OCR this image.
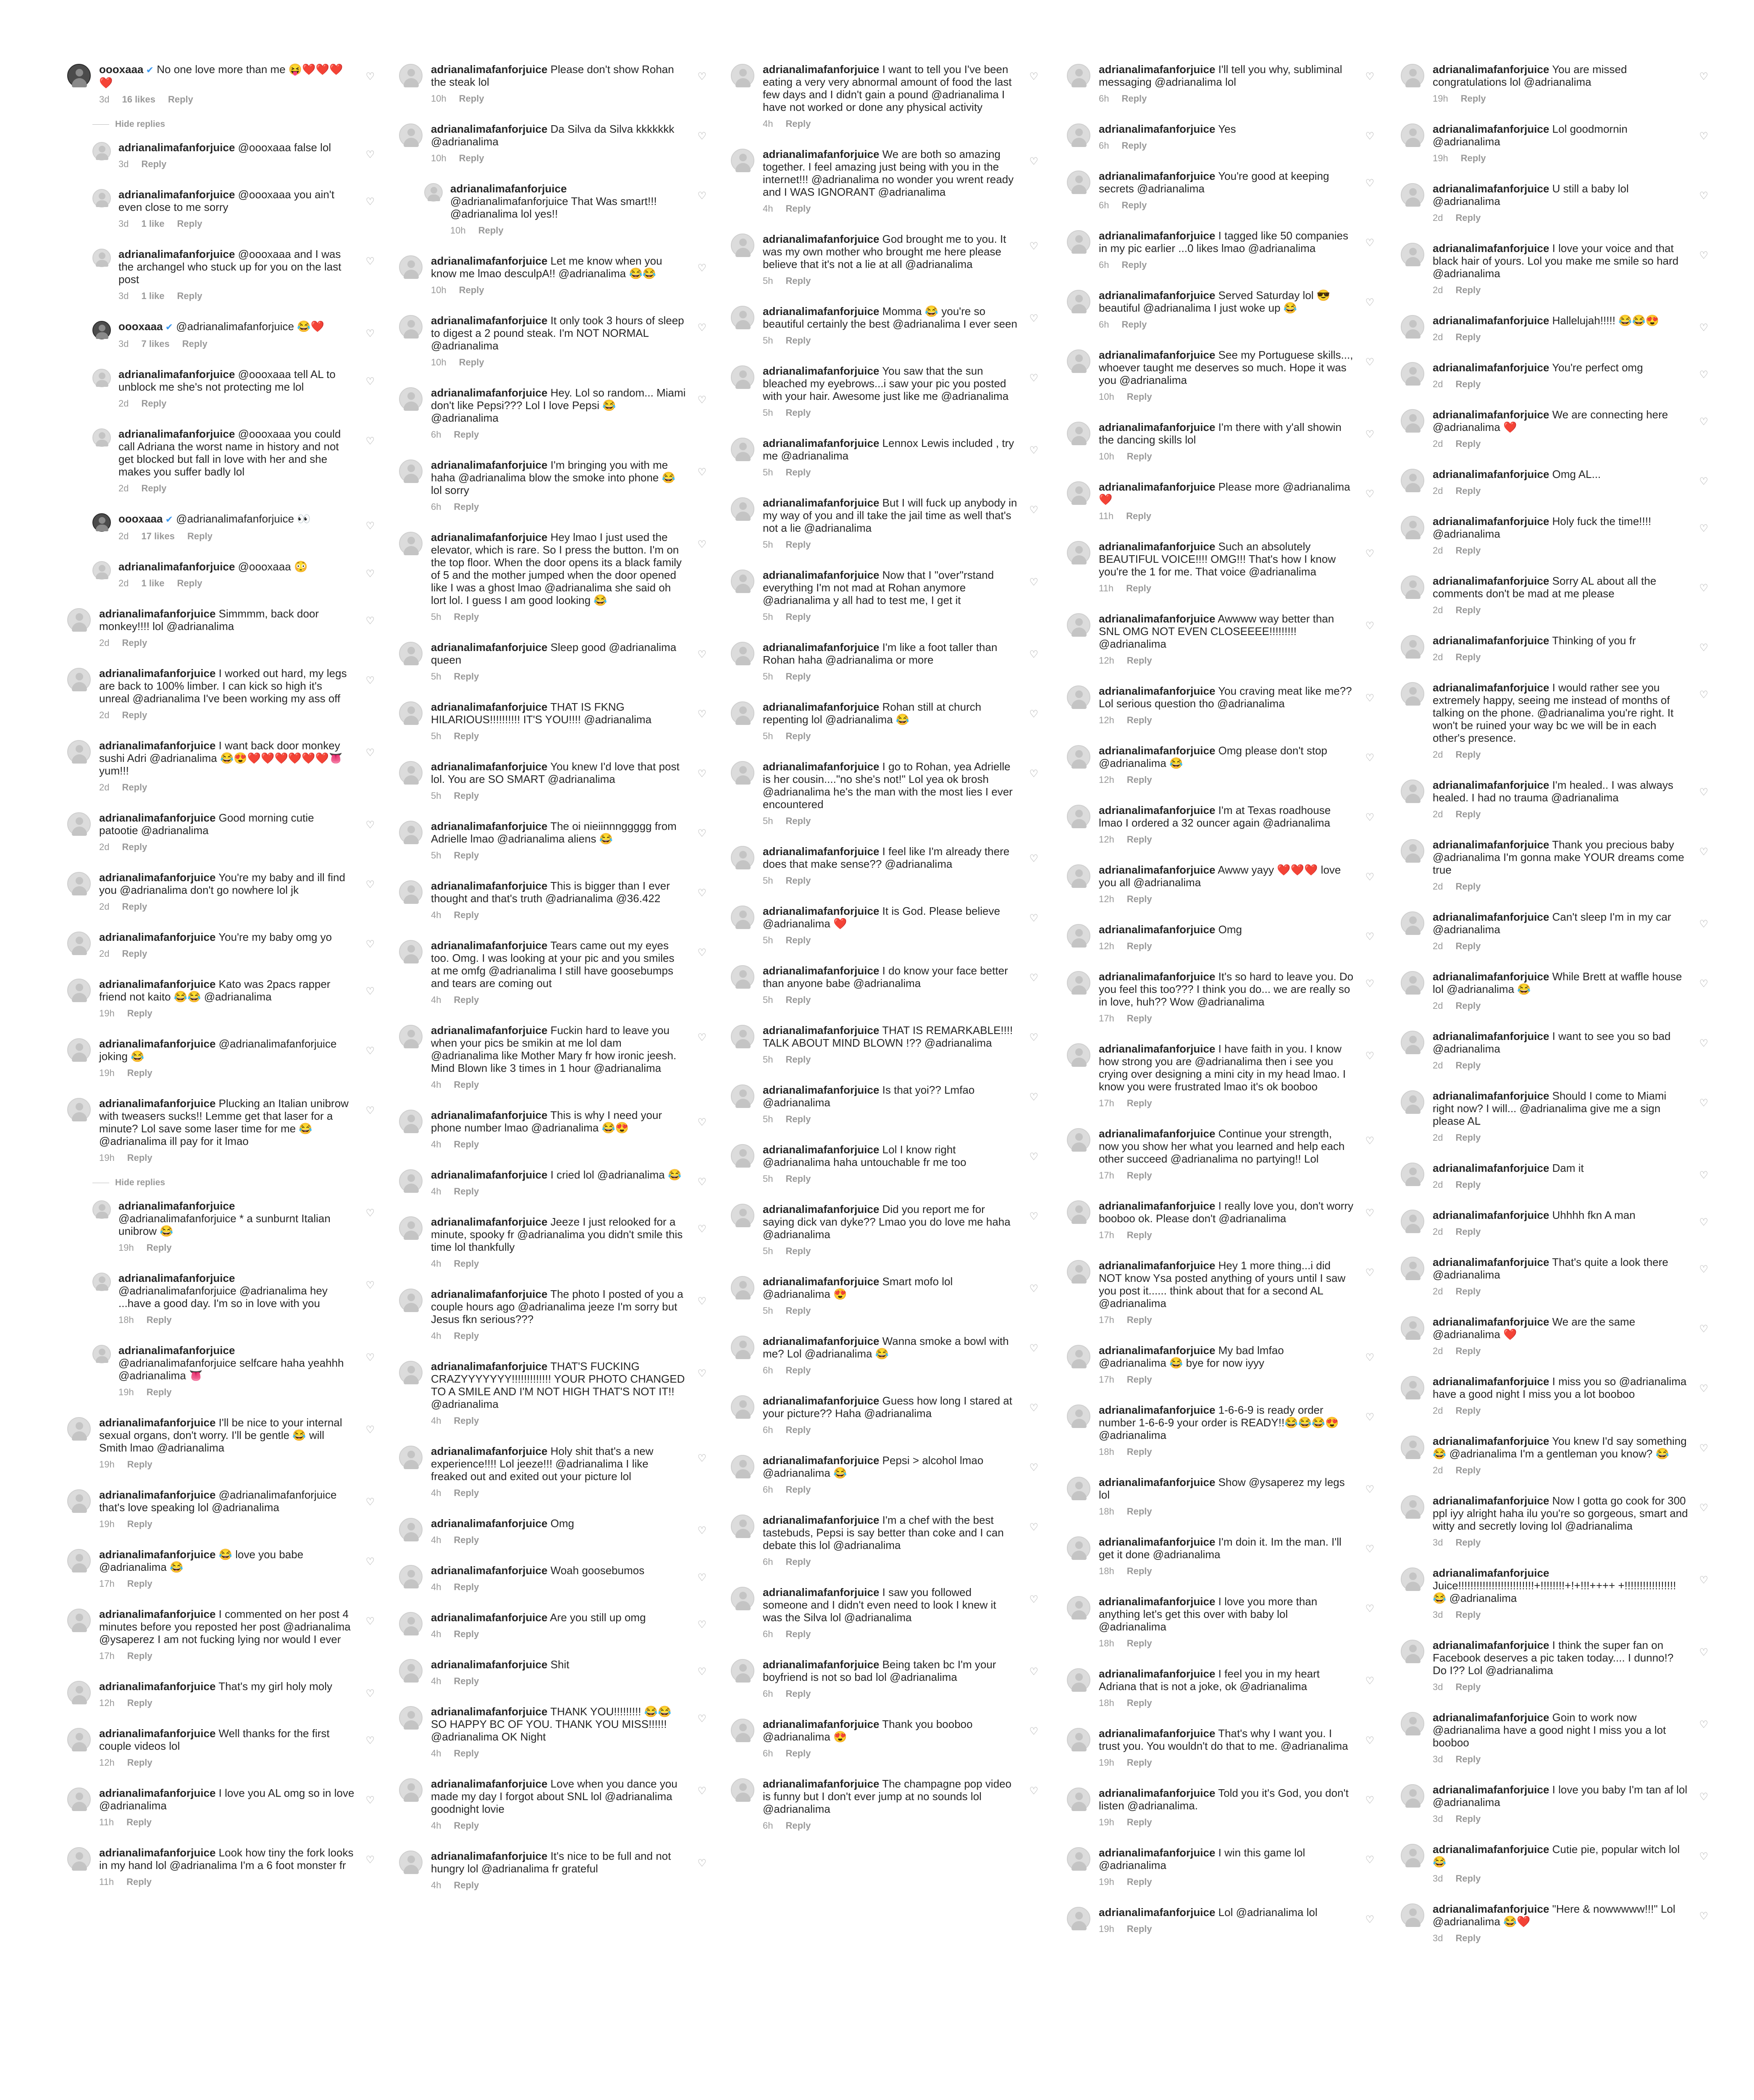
oooxaaa ✔ No one love more than me 😝❤️❤️❤️❤️
3d 16 likes Reply
♡
Hide replies
adrianalimafanforjuice @oooxaaa false lol
3d Reply
♡
adrianalimafanforjuice @oooxaaa you ain't even close to me sorry
3d 1 like Reply
♡
adrianalimafanforjuice @oooxaaa and I was the archangel who stuck up for you on the last post
3d 1 like Reply
♡
oooxaaa ✔ @adrianalimafanforjuice 😂❤️
3d 7 likes Reply
♡
adrianalimafanforjuice @oooxaaa tell AL to unblock me she's not protecting me lol
2d Reply
♡
adrianalimafanforjuice @oooxaaa you could call Adriana the worst name in history and not get blocked but fall in love with her and she makes you suffer badly lol
2d Reply
♡
oooxaaa ✔ @adrianalimafanforjuice 👀
2d 17 likes Reply
♡
adrianalimafanforjuice @oooxaaa 😳
2d 1 like Reply
♡
adrianalimafanforjuice Simmmm, back door monkey!!!! lol @adrianalima
2d Reply
♡
adrianalimafanforjuice I worked out hard, my legs are back to 100% limber. I can kick so high it's unreal @adrianalima I've been working my ass off
2d Reply
♡
adrianalimafanforjuice I want back door monkey sushi Adri @adrianalima 😂😍❤️❤️❤️❤️❤️❤️👅 yum!!!
2d Reply
♡
adrianalimafanforjuice Good morning cutie patootie @adrianalima
2d Reply
♡
adrianalimafanforjuice You're my baby and ill find you @adrianalima don't go nowhere lol jk
2d Reply
♡
adrianalimafanforjuice You're my baby omg yo
2d Reply
♡
adrianalimafanforjuice Kato was 2pacs rapper friend not kaito 😂😂 @adrianalima
19h Reply
♡
adrianalimafanforjuice @adrianalimafanforjuice joking 😂
19h Reply
♡
adrianalimafanforjuice Plucking an Italian unibrow with tweasers sucks!! Lemme get that laser for a minute? Lol save some laser time for me 😂 @adrianalima ill pay for it lmao
19h Reply
♡
Hide replies
adrianalimafanforjuice @adrianalimafanforjuice * a sunburnt Italian unibrow 😂
19h Reply
♡
adrianalimafanforjuice @adrianalimafanforjuice @adrianalima hey ...have a good day. I'm so in love with you
18h Reply
♡
adrianalimafanforjuice @adrianalimafanforjuice selfcare haha yeahhh @adrianalima 👅
19h Reply
♡
adrianalimafanforjuice I'll be nice to your internal sexual organs, don't worry. I'll be gentle 😂 will Smith lmao @adrianalima
19h Reply
♡
adrianalimafanforjuice @adrianalimafanforjuice that's love speaking lol @adrianalima
19h Reply
♡
adrianalimafanforjuice 😂 love you babe @adrianalima 😂
17h Reply
♡
adrianalimafanforjuice I commented on her post 4 minutes before you reposted her post @adrianalima @ysaperez I am not fucking lying nor would I ever
17h Reply
♡
adrianalimafanforjuice That's my girl holy moly
12h Reply
♡
adrianalimafanforjuice Well thanks for the first couple videos lol
12h Reply
♡
adrianalimafanforjuice I love you AL omg so in love @adrianalima
11h Reply
♡
adrianalimafanforjuice Look how tiny the fork looks in my hand lol @adrianalima I'm a 6 foot monster fr
11h Reply
♡
adrianalimafanforjuice Please don't show Rohan the steak lol
10h Reply
♡
adrianalimafanforjuice Da Silva da Silva kkkkkkk @adrianalima
10h Reply
♡
adrianalimafanforjuice @adrianalimafanforjuice That Was smart!!! @adrianalima lol yes!!
10h Reply
♡
adrianalimafanforjuice Let me know when you know me lmao desculpA!! @adrianalima 😂😂
10h Reply
♡
adrianalimafanforjuice It only took 3 hours of sleep to digest a 2 pound steak. I'm NOT NORMAL @adrianalima
10h Reply
♡
adrianalimafanforjuice Hey. Lol so random... Miami don't like Pepsi??? Lol I love Pepsi 😂 @adrianalima
6h Reply
♡
adrianalimafanforjuice I'm bringing you with me haha @adrianalima blow the smoke into phone 😂 lol sorry
6h Reply
♡
adrianalimafanforjuice Hey lmao I just used the elevator, which is rare. So I press the button. I'm on the top floor. When the door opens its a black family of 5 and the mother jumped when the door opened like I was a ghost lmao @adrianalima she said oh lort lol. I guess I am good looking 😂
5h Reply
♡
adrianalimafanforjuice Sleep good @adrianalima queen
5h Reply
♡
adrianalimafanforjuice THAT IS FKNG HILARIOUS!!!!!!!!!! IT'S YOU!!!! @adrianalima
5h Reply
♡
adrianalimafanforjuice You knew I'd love that post lol. You are SO SMART @adrianalima
5h Reply
♡
adrianalimafanforjuice The oi nieiinnnggggg from Adrielle lmao @adrianalima aliens 😂
5h Reply
♡
adrianalimafanforjuice This is bigger than I ever thought and that's truth @adrianalima @36.422
4h Reply
♡
adrianalimafanforjuice Tears came out my eyes too. Omg. I was looking at your pic and you smiles at me omfg @adrianalima I still have goosebumps and tears are coming out
4h Reply
♡
adrianalimafanforjuice Fuckin hard to leave you when your pics be smikin at me lol dam @adrianalima like Mother Mary fr how ironic jeesh. Mind Blown like 3 times in 1 hour @adrianalima
4h Reply
♡
adrianalimafanforjuice This is why I need your phone number lmao @adrianalima 😂😍
4h Reply
♡
adrianalimafanforjuice I cried lol @adrianalima 😂
4h Reply
♡
adrianalimafanforjuice Jeeze I just relooked for a minute, spooky fr @adrianalima you didn't smile this time lol thankfully
4h Reply
♡
adrianalimafanforjuice The photo I posted of you a couple hours ago @adrianalima jeeze I'm sorry but Jesus fkn serious???
4h Reply
♡
adrianalimafanforjuice THAT'S FUCKING CRAZYYYYYYY!!!!!!!!!!!!! YOUR PHOTO CHANGED TO A SMILE AND I'M NOT HIGH THAT'S NOT IT!! @adrianalima
4h Reply
♡
adrianalimafanforjuice Holy shit that's a new experience!!!! Lol jeeze!!! @adrianalima I like freaked out and exited out your picture lol
4h Reply
♡
adrianalimafanforjuice Omg
4h Reply
♡
adrianalimafanforjuice Woah goosebumos
4h Reply
♡
adrianalimafanforjuice Are you still up omg
4h Reply
♡
adrianalimafanforjuice Shit
4h Reply
♡
adrianalimafanforjuice THANK YOU!!!!!!!!! 😂😂 SO HAPPY BC OF YOU. THANK YOU MISS!!!!!! @adrianalima OK Night
4h Reply
♡
adrianalimafanforjuice Love when you dance you made my day I forgot about SNL lol @adrianalima goodnight lovie
4h Reply
♡
adrianalimafanforjuice It's nice to be full and not hungry lol @adrianalima fr grateful
4h Reply
♡
adrianalimafanforjuice I want to tell you I've been eating a very very abnormal amount of food the last few days and I didn't gain a pound @adrianalima I have not worked or done any physical activity
4h Reply
♡
adrianalimafanforjuice We are both so amazing together. I feel amazing just being with you in the internet!!! @adrianalima no wonder you wrent ready and I WAS IGNORANT @adrianalima
4h Reply
♡
adrianalimafanforjuice God brought me to you. It was my own mother who brought me here please believe that it's not a lie at all @adrianalima
5h Reply
♡
adrianalimafanforjuice Momma 😂 you're so beautiful certainly the best @adrianalima I ever seen
5h Reply
♡
adrianalimafanforjuice You saw that the sun bleached my eyebrows...i saw your pic you posted with your hair. Awesome just like me @adrianalima
5h Reply
♡
adrianalimafanforjuice Lennox Lewis included , try me @adrianalima
5h Reply
♡
adrianalimafanforjuice But I will fuck up anybody in my way of you and ill take the jail time as well that's not a lie @adrianalima
5h Reply
♡
adrianalimafanforjuice Now that I "over"rstand everything I'm not mad at Rohan anymore @adrianalima y all had to test me, I get it
5h Reply
♡
adrianalimafanforjuice I'm like a foot taller than Rohan haha @adrianalima or more
5h Reply
♡
adrianalimafanforjuice Rohan still at church repenting lol @adrianalima 😂
5h Reply
♡
adrianalimafanforjuice I go to Rohan, yea Adrielle is her cousin...."no she's not!" Lol yea ok brosh @adrianalima he's the man with the most lies I ever encountered
5h Reply
♡
adrianalimafanforjuice I feel like I'm already there does that make sense?? @adrianalima
5h Reply
♡
adrianalimafanforjuice It is God. Please believe @adrianalima ❤️
5h Reply
♡
adrianalimafanforjuice I do know your face better than anyone babe @adrianalima
5h Reply
♡
adrianalimafanforjuice THAT IS REMARKABLE!!!! TALK ABOUT MIND BLOWN !?? @adrianalima
5h Reply
♡
adrianalimafanforjuice Is that yoi?? Lmfao @adrianalima
5h Reply
♡
adrianalimafanforjuice Lol I know right @adrianalima haha untouchable fr me too
5h Reply
♡
adrianalimafanforjuice Did you report me for saying dick van dyke?? Lmao you do love me haha @adrianalima
5h Reply
♡
adrianalimafanforjuice Smart mofo lol @adrianalima 😍
5h Reply
♡
adrianalimafanforjuice Wanna smoke a bowl with me? Lol @adrianalima 😂
6h Reply
♡
adrianalimafanforjuice Guess how long I stared at your picture?? Haha @adrianalima
6h Reply
♡
adrianalimafanforjuice Pepsi > alcohol lmao @adrianalima 😂
6h Reply
♡
adrianalimafanforjuice I'm a chef with the best tastebuds, Pepsi is say better than coke and I can debate this lol @adrianalima
6h Reply
♡
adrianalimafanforjuice I saw you followed someone and I didn't even need to look I knew it was the Silva lol @adrianalima
6h Reply
♡
adrianalimafanforjuice Being taken bc I'm your boyfriend is not so bad lol @adrianalima
6h Reply
♡
adrianalimafanforjuice Thank you booboo @adrianalima 😍
6h Reply
♡
adrianalimafanforjuice The champagne pop video is funny but I don't ever jump at no sounds lol @adrianalima
6h Reply
♡
adrianalimafanforjuice I'll tell you why, subliminal messaging @adrianalima lol
6h Reply
♡
adrianalimafanforjuice Yes
6h Reply
♡
adrianalimafanforjuice You're good at keeping secrets @adrianalima
6h Reply
♡
adrianalimafanforjuice I tagged like 50 companies in my pic earlier ...0 likes lmao @adrianalima
6h Reply
♡
adrianalimafanforjuice Served Saturday lol 😎 beautiful @adrianalima I just woke up 😂
6h Reply
♡
adrianalimafanforjuice See my Portuguese skills..., whoever taught me deserves so much. Hope it was you @adrianalima
10h Reply
♡
adrianalimafanforjuice I'm there with y'all showin the dancing skills lol
10h Reply
♡
adrianalimafanforjuice Please more @adrianalima ❤️
11h Reply
♡
adrianalimafanforjuice Such an absolutely BEAUTIFUL VOICE!!!! OMG!!! That's how I know you're the 1 for me. That voice @adrianalima
11h Reply
♡
adrianalimafanforjuice Awwww way better than SNL OMG NOT EVEN CLOSEEEE!!!!!!!!! @adrianalima
12h Reply
♡
adrianalimafanforjuice You craving meat like me?? Lol serious question tho @adrianalima
12h Reply
♡
adrianalimafanforjuice Omg please don't stop @adrianalima 😂
12h Reply
♡
adrianalimafanforjuice I'm at Texas roadhouse lmao I ordered a 32 ouncer again @adrianalima
12h Reply
♡
adrianalimafanforjuice Awww yayy ❤️❤️❤️ love you all @adrianalima
12h Reply
♡
adrianalimafanforjuice Omg
12h Reply
♡
adrianalimafanforjuice It's so hard to leave you. Do you feel this too??? I think you do... we are really so in love, huh?? Wow @adrianalima
17h Reply
♡
adrianalimafanforjuice I have faith in you. I know how strong you are @adrianalima then i see you crying over designing a mini city in my head lmao. I know you were frustrated lmao it's ok booboo
17h Reply
♡
adrianalimafanforjuice Continue your strength, now you show her what you learned and help each other succeed @adrianalima no partying!! Lol
17h Reply
♡
adrianalimafanforjuice I really love you, don't worry booboo ok. Please don't @adrianalima
17h Reply
♡
adrianalimafanforjuice Hey 1 more thing...i did NOT know Ysa posted anything of yours until I saw you post it...... think about that for a second AL @adrianalima
17h Reply
♡
adrianalimafanforjuice My bad lmfao @adrianalima 😂 bye for now iyyy
17h Reply
♡
adrianalimafanforjuice 1-6-6-9 is ready order number 1-6-6-9 your order is READY!!😂😂😂😍 @adrianalima
18h Reply
♡
adrianalimafanforjuice Show @ysaperez my legs lol
18h Reply
♡
adrianalimafanforjuice I'm doin it. Im the man. I'll get it done @adrianalima
18h Reply
♡
adrianalimafanforjuice I love you more than anything let's get this over with baby lol @adrianalima
18h Reply
♡
adrianalimafanforjuice I feel you in my heart Adriana that is not a joke, ok @adrianalima
18h Reply
♡
adrianalimafanforjuice That's why I want you. I trust you. You wouldn't do that to me. @adrianalima
19h Reply
♡
adrianalimafanforjuice Told you it's God, you don't listen @adrianalima.
19h Reply
♡
adrianalimafanforjuice I win this game lol @adrianalima
19h Reply
♡
adrianalimafanforjuice Lol @adrianalima lol
19h Reply
♡
adrianalimafanforjuice You are missed congratulations lol @adrianalima
19h Reply
♡
adrianalimafanforjuice Lol goodmornin @adrianalima
19h Reply
♡
adrianalimafanforjuice U still a baby lol @adrianalima
2d Reply
♡
adrianalimafanforjuice I love your voice and that black hair of yours. Lol you make me smile so hard @adrianalima
2d Reply
♡
adrianalimafanforjuice Hallelujah!!!!! 😂😂😍
2d Reply
♡
adrianalimafanforjuice You're perfect omg
2d Reply
♡
adrianalimafanforjuice We are connecting here @adrianalima ❤️
2d Reply
♡
adrianalimafanforjuice Omg AL...
2d Reply
♡
adrianalimafanforjuice Holy fuck the time!!!! @adrianalima
2d Reply
♡
adrianalimafanforjuice Sorry AL about all the comments don't be mad at me please
2d Reply
♡
adrianalimafanforjuice Thinking of you fr
2d Reply
♡
adrianalimafanforjuice I would rather see you extremely happy, seeing me instead of months of talking on the phone. @adrianalima you're right. It won't be ruined your way bc we will be in each other's presence.
2d Reply
♡
adrianalimafanforjuice I'm healed.. I was always healed. I had no trauma @adrianalima
2d Reply
♡
adrianalimafanforjuice Thank you precious baby @adrianalima I'm gonna make YOUR dreams come true
2d Reply
♡
adrianalimafanforjuice Can't sleep I'm in my car @adrianalima
2d Reply
♡
adrianalimafanforjuice While Brett at waffle house lol @adrianalima 😂
2d Reply
♡
adrianalimafanforjuice I want to see you so bad @adrianalima
2d Reply
♡
adrianalimafanforjuice Should I come to Miami right now? I will... @adrianalima give me a sign please AL
2d Reply
♡
adrianalimafanforjuice Dam it
2d Reply
♡
adrianalimafanforjuice Uhhhh fkn A man
2d Reply
♡
adrianalimafanforjuice That's quite a look there @adrianalima
2d Reply
♡
adrianalimafanforjuice We are the same @adrianalima ❤️
2d Reply
♡
adrianalimafanforjuice I miss you so @adrianalima have a good night I miss you a lot booboo
2d Reply
♡
adrianalimafanforjuice You knew I'd say something 😂 @adrianalima I'm a gentleman you know? 😂
2d Reply
♡
adrianalimafanforjuice Now I gotta go cook for 300 ppl iyy alright haha ilu you're so gorgeous, smart and witty and secretly loving lol @adrianalima
3d Reply
♡
adrianalimafanforjuice Juice!!!!!!!!!!!!!!!!!!!!!!!!!+!!!!!!!!+!+!!!++++ +!!!!!!!!!!!!!!!!!😂 @adrianalima
3d Reply
♡
adrianalimafanforjuice I think the super fan on Facebook deserves a pic taken today.... I dunno!? Do I?? Lol @adrianalima
3d Reply
♡
adrianalimafanforjuice Goin to work now @adrianalima have a good night I miss you a lot booboo
3d Reply
♡
adrianalimafanforjuice I love you baby I'm tan af lol @adrianalima
3d Reply
♡
adrianalimafanforjuice Cutie pie, popular witch lol 😂
3d Reply
♡
adrianalimafanforjuice "Here & nowwwww!!!" Lol @adrianalima 😂❤️
3d Reply
♡
